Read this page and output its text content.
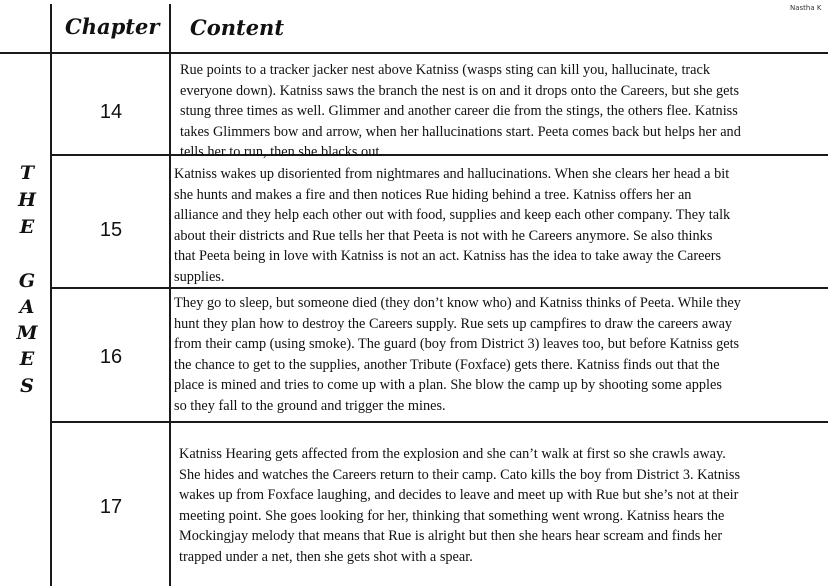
Chapter Content
Nastha K
T
H
E
G
A
M
E
S
14
Rue points to a tracker jacker nest above Katniss (wasps sting can kill you, hallucinate, track
everyone down). Katniss saws the branch the nest is on and it drops onto the Careers, but she gets
stung three times as well. Glimmer and another career die from the stings, the others flee. Katniss
takes Glimmers bow and arrow, when her hallucinations start. Peeta comes back but helps her and
tells her to run, then she blacks out.
15
Katniss wakes up disoriented from nightmares and hallucinations. When she clears her head a bit
she hunts and makes a fire and then notices Rue hiding behind a tree. Katniss offers her an
alliance and they help each other out with food, supplies and keep each other company. They talk
about their districts and Rue tells her that Peeta is not with he Careers anymore. Se also thinks
that Peeta being in love with Katniss is not an act. Katniss has the idea to take away the Careers
supplies.
16
They go to sleep, but someone died (they don’t know who) and Katniss thinks of Peeta. While they
hunt they plan how to destroy the Careers supply. Rue sets up campfires to draw the careers away
from their camp (using smoke). The guard (boy from District 3) leaves too, but before Katniss gets
the chance to get to the supplies, another Tribute (Foxface) gets there. Katniss finds out that the
place is mined and tries to come up with a plan. She blow the camp up by shooting some apples
so they fall to the ground and trigger the mines.
17
Katniss Hearing gets affected from the explosion and she can’t walk at first so she crawls away.
She hides and watches the Careers return to their camp. Cato kills the boy from District 3. Katniss
wakes up from Foxface laughing, and decides to leave and meet up with Rue but she’s not at their
meeting point. She goes looking for her, thinking that something went wrong. Katniss hears the
Mockingjay melody that means that Rue is alright but then she hears hear scream and finds her
trapped under a net, then she gets shot with a spear.
